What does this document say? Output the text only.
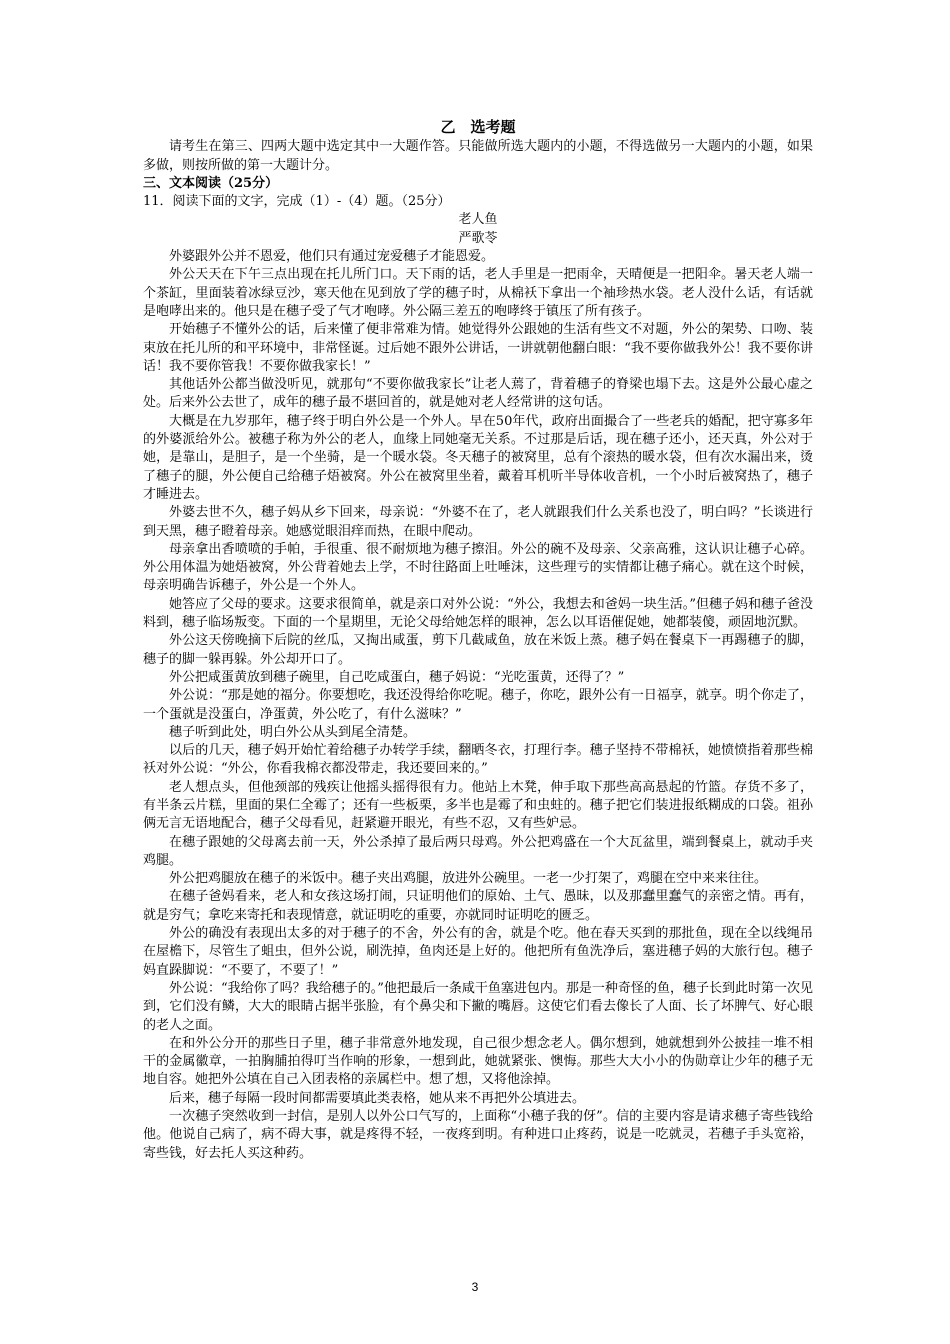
乙　选考题
请考生在第三、四两大题中选定其中一大题作答。只能做所选大题内的小题，不得选做另一大题内的小题，如果多做，则按所做的第一大题计分。
三、文本阅读（25分）
11．阅读下面的文字，完成（1）-（4）题。（25分）
老人鱼
严歌苓
外婆跟外公并不恩爱，他们只有通过宠爱穗子才能恩爱。
外公天天在下午三点出现在托儿所门口。天下雨的话，老人手里是一把雨伞，天晴便是一把阳伞。暑天老人端一个茶缸，里面装着冰绿豆沙，寒天他在见到放了学的穗子时，从棉袄下拿出一个袖珍热水袋。老人没什么话，有话就是咆哮出来的。他只是在穗子受了气才咆哮。外公隔三差五的咆哮终于镇压了所有孩子。
开始穗子不懂外公的话，后来懂了便非常难为情。她觉得外公跟她的生活有些文不对题，外公的架势、口吻、装束放在托儿所的和平环境中，非常怪诞。过后她不跟外公讲话，一讲就朝他翻白眼：“我不要你做我外公！我不要你讲话！我不要你管我！不要你做我家长！”
其他话外公都当做没听见，就那句“不要你做我家长”让老人蔫了，背着穗子的脊梁也塌下去。这是外公最心虚之处。后来外公去世了，成年的穗子最不堪回首的，就是她对老人经常讲的这句话。
大概是在九岁那年，穗子终于明白外公是一个外人。早在50年代，政府出面撮合了一些老兵的婚配，把守寡多年的外婆派给外公。被穗子称为外公的老人，血缘上同她毫无关系。不过那是后话，现在穗子还小，还天真，外公对于她，是靠山，是胆子，是一个坐骑，是一个暖水袋。冬天穗子的被窝里，总有个滚热的暖水袋，但有次水漏出来，烫了穗子的腿，外公便自己给穗子焐被窝。外公在被窝里坐着，戴着耳机听半导体收音机，一个小时后被窝热了，穗子才睡进去。
外婆去世不久，穗子妈从乡下回来，母亲说：“外婆不在了，老人就跟我们什么关系也没了，明白吗？”长谈进行到天黑，穗子瞪着母亲。她感觉眼泪痒而热，在眼中爬动。
母亲拿出香喷喷的手帕，手很重、很不耐烦地为穗子擦泪。外公的碗不及母亲、父亲高雅，这认识让穗子心碎。外公用体温为她焐被窝，外公背着她去上学，不时往路面上吐唾沫，这些理亏的实情都让穗子痛心。就在这个时候，母亲明确告诉穗子，外公是一个外人。
她答应了父母的要求。这要求很简单，就是亲口对外公说：“外公，我想去和爸妈一块生活。”但穗子妈和穗子爸没料到，穗子临场叛变。下面的一个星期里，无论父母给她怎样的眼神，怎么以耳语催促她，她都装傻，顽固地沉默。
外公这天傍晚摘下后院的丝瓜，又掏出咸蛋，剪下几截咸鱼，放在米饭上蒸。穗子妈在餐桌下一再踢穗子的脚，穗子的脚一躲再躲。外公却开口了。
外公把咸蛋黄放到穗子碗里，自己吃咸蛋白，穗子妈说：“光吃蛋黄，还得了？”
外公说：“那是她的福分。你要想吃，我还没得给你吃呢。穗子，你吃，跟外公有一日福享，就享。明个你走了，一个蛋就是没蛋白，净蛋黄，外公吃了，有什么滋味？”
穗子听到此处，明白外公从头到尾全清楚。
以后的几天，穗子妈开始忙着给穗子办转学手续，翻晒冬衣，打理行李。穗子坚持不带棉袄，她愤愤指着那些棉袄对外公说：“外公，你看我棉衣都没带走，我还要回来的。”
老人想点头，但他颈部的残疾让他摇头摇得很有力。他站上木凳，伸手取下那些高高悬起的竹篮。存货不多了，有半条云片糕，里面的果仁全霉了；还有一些板栗，多半也是霉了和虫蛀的。穗子把它们装进报纸糊成的口袋。祖孙俩无言无语地配合，穗子父母看见，赶紧避开眼光，有些不忍，又有些妒忌。
在穗子跟她的父母离去前一天，外公杀掉了最后两只母鸡。外公把鸡盛在一个大瓦盆里，端到餐桌上，就动手夹鸡腿。
外公把鸡腿放在穗子的米饭中。穗子夹出鸡腿，放进外公碗里。一老一少打架了，鸡腿在空中来来往往。
在穗子爸妈看来，老人和女孩这场打闹，只证明他们的原始、土气、愚昧，以及那蠢里蠢气的亲密之情。再有，就是穷气；拿吃来寄托和表现情意，就证明吃的重要，亦就同时证明吃的匮乏。
外公的确没有表现出太多的对于穗子的不舍，外公有的舍，就是个吃。他在春天买到的那批鱼，现在全以线绳吊在屋檐下，尽管生了蛆虫，但外公说，刷洗掉，鱼肉还是上好的。他把所有鱼洗净后，塞进穗子妈的大旅行包。穗子妈直跺脚说：“不要了，不要了！”
外公说：“我给你了吗？我给穗子的。”他把最后一条咸干鱼塞进包内。那是一种奇怪的鱼，穗子长到此时第一次见到，它们没有鳞，大大的眼睛占据半张脸，有个鼻尖和下撇的嘴唇。这使它们看去像长了人面、长了坏脾气、好心眼的老人之面。
在和外公分开的那些日子里，穗子非常意外地发现，自己很少想念老人。偶尔想到，她就想到外公披挂一堆不相干的金属徽章，一拍胸脯拍得叮当作响的形象，一想到此，她就紧张、懊悔。那些大大小小的伪勋章让少年的穗子无地自容。她把外公填在自己入团表格的亲属栏中。想了想，又将他涂掉。
后来，穗子每隔一段时间都需要填此类表格，她从来不再把外公填进去。
一次穗子突然收到一封信，是别人以外公口气写的，上面称“小穗子我的伢”。信的主要内容是请求穗子寄些钱给他。他说自己病了，病不碍大事，就是疼得不轻，一夜疼到明。有种进口止疼药，说是一吃就灵，若穗子手头宽裕，寄些钱，好去托人买这种药。
3
